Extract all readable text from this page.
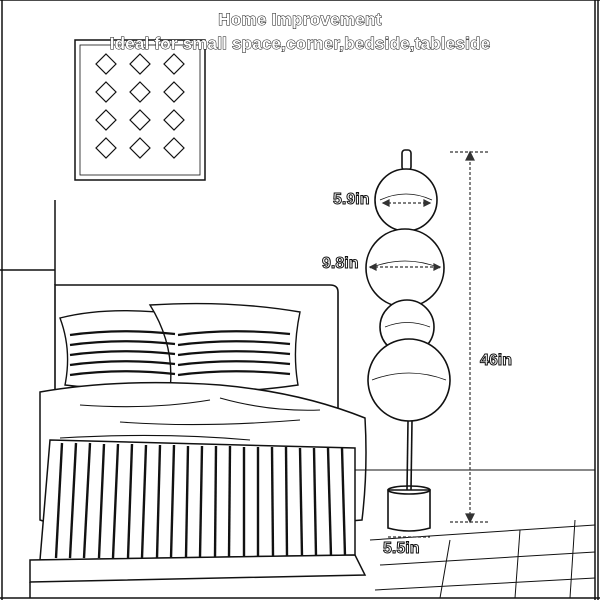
Home Improvement
Ideal for small space,corner,bedside,tableside
5.9in
9.8in
46in
5.5in
